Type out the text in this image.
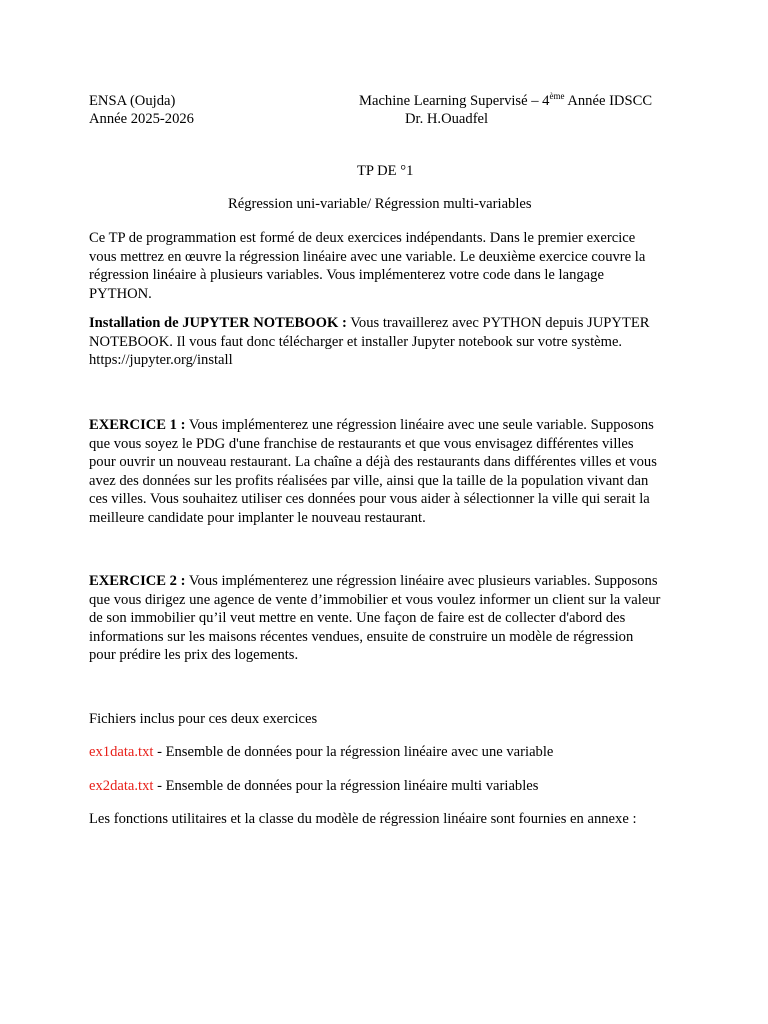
ENSA (Oujda)
Année 2025-2026
Machine Learning Supervisé – 4ème Année IDSCC
Dr. H.Ouadfel
TP DE °1
Régression uni-variable/ Régression multi-variables
Ce TP de programmation est formé de deux exercices indépendants. Dans le premier exercice
vous mettrez en œuvre la régression linéaire avec une variable. Le deuxième exercice couvre la
régression linéaire à plusieurs variables. Vous implémenterez votre code dans le langage
PYTHON.
Installation de JUPYTER NOTEBOOK : Vous travaillerez avec PYTHON depuis JUPYTER
NOTEBOOK. Il vous faut donc télécharger et installer Jupyter notebook sur votre système.
https://jupyter.org/install
EXERCICE 1 : Vous implémenterez une régression linéaire avec une seule variable. Supposons
que vous soyez le PDG d'une franchise de restaurants et que vous envisagez différentes villes
pour ouvrir un nouveau restaurant. La chaîne a déjà des restaurants dans différentes villes et vous
avez des données sur les profits réalisées par ville, ainsi que la taille de la population vivant dan
ces villes. Vous souhaitez utiliser ces données pour vous aider à sélectionner la ville qui serait la
meilleure candidate pour implanter le nouveau restaurant.
EXERCICE 2 : Vous implémenterez une régression linéaire avec plusieurs variables. Supposons
que vous dirigez une agence de vente d’immobilier et vous voulez informer un client sur la valeur
de son immobilier qu’il veut mettre en vente. Une façon de faire est de collecter d'abord des
informations sur les maisons récentes vendues, ensuite de construire un modèle de régression
pour prédire les prix des logements.
Fichiers inclus pour ces deux exercices
ex1data.txt - Ensemble de données pour la régression linéaire avec une variable
ex2data.txt - Ensemble de données pour la régression linéaire multi variables
Les fonctions utilitaires et la classe du modèle de régression linéaire sont fournies en annexe :
